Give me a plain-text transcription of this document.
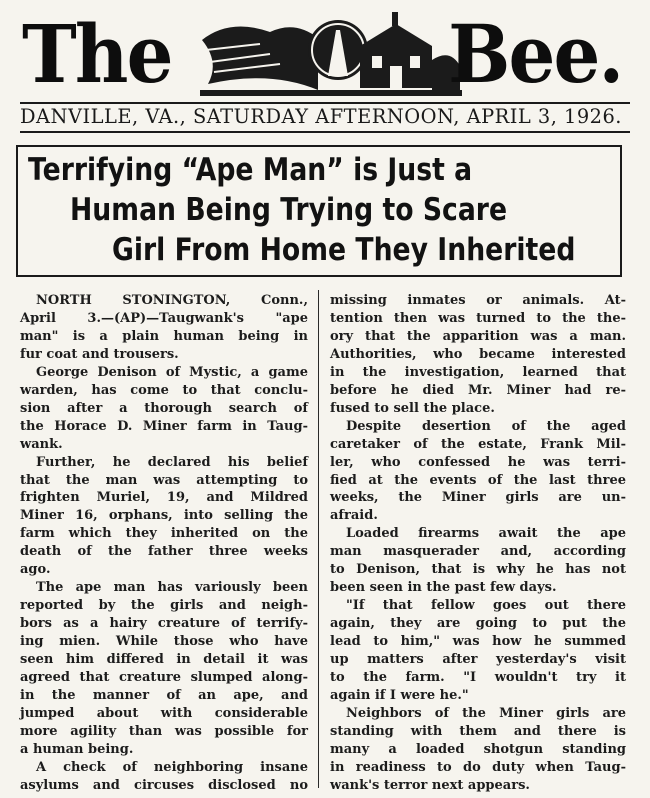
The	Bee.
DANVILLE, VA., SATURDAY AFTERNOON, APRIL 3, 1926.
Terrifying “Ape Man” is Just a
Human Being Trying to Scare
Girl From Home They Inherited
NORTH STONINGTON, Conn.,
April 3.—(AP)—Taugwank's "ape
man" is a plain human being in
fur coat and trousers.
George Denison of Mystic, a game
warden, has come to that conclu-
sion after a thorough search of
the Horace D. Miner farm in Taug-
wank.
Further, he declared his belief
that the man was attempting to
frighten Muriel, 19, and Mildred
Miner 16, orphans, into selling the
farm which they inherited on the
death of the father three weeks
ago.
The ape man has variously been
reported by the girls and neigh-
bors as a hairy creature of terrify-
ing mien. While those who have
seen him differed in detail it was
agreed that creature slumped along-
in the manner of an ape, and
jumped about with considerable
more agility than was possible for
a human being.
A check of neighboring insane
asylums and circuses disclosed no
missing inmates or animals. At-
tention then was turned to the the-
ory that the apparition was a man.
Authorities, who became interested
in the investigation, learned that
before he died Mr. Miner had re-
fused to sell the place.
Despite desertion of the aged
caretaker of the estate, Frank Mil-
ler, who confessed he was terri-
fied at the events of the last three
weeks, the Miner girls are un-
afraid.
Loaded firearms await the ape
man masquerader and, according
to Denison, that is why he has not
been seen in the past few days.
"If that fellow goes out there
again, they are going to put the
lead to him," was how he summed
up matters after yesterday's visit
to the farm. "I wouldn't try it
again if I were he."
Neighbors of the Miner girls are
standing with them and there is
many a loaded shotgun standing
in readiness to do duty when Taug-
wank's terror next appears.
